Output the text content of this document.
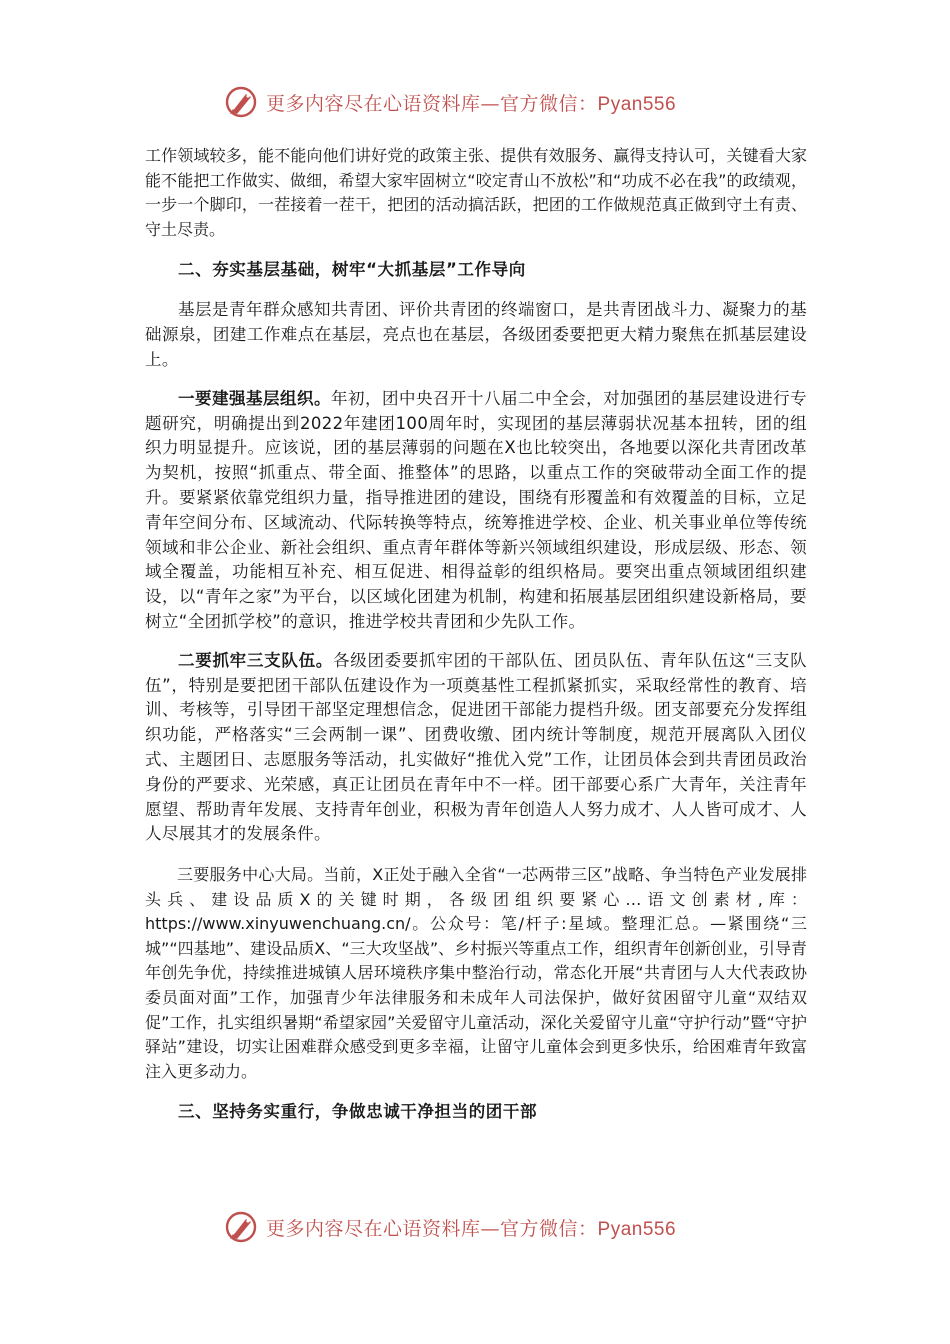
更多内容尽在心语资料库—官方微信：Pyan556

工作领域较多，能不能向他们讲好党的政策主张、提供有效服务、赢得支持认可，关键看大家能不能把工作做实、做细，希望大家牢固树立“咬定青山不放松”和“功成不必在我”的政绩观，一步一个脚印，一茬接着一茬干，把团的活动搞活跃，把团的工作做规范真正做到守土有责、守土尽责。

二、夯实基层基础，树牢“大抓基层”工作导向

基层是青年群众感知共青团、评价共青团的终端窗口，是共青团战斗力、凝聚力的基础源泉，团建工作难点在基层，亮点也在基层，各级团委要把更大精力聚焦在抓基层建设上。

一要建强基层组织。年初，团中央召开十八届二中全会，对加强团的基层建设进行专题研究，明确提出到2022年建团100周年时，实现团的基层薄弱状况基本扭转，团的组织力明显提升。应该说，团的基层薄弱的问题在X也比较突出，各地要以深化共青团改革为契机，按照“抓重点、带全面、推整体”的思路，以重点工作的突破带动全面工作的提升。要紧紧依靠党组织力量，指导推进团的建设，围绕有形覆盖和有效覆盖的目标，立足青年空间分布、区域流动、代际转换等特点，统筹推进学校、企业、机关事业单位等传统领域和非公企业、新社会组织、重点青年群体等新兴领域组织建设，形成层级、形态、领域全覆盖，功能相互补充、相互促进、相得益彰的组织格局。要突出重点领域团组织建设，以“青年之家”为平台，以区域化团建为机制，构建和拓展基层团组织建设新格局，要树立“全团抓学校”的意识，推进学校共青团和少先队工作。

二要抓牢三支队伍。各级团委要抓牢团的干部队伍、团员队伍、青年队伍这“三支队伍”，特别是要把团干部队伍建设作为一项奠基性工程抓紧抓实，采取经常性的教育、培训、考核等，引导团干部坚定理想信念，促进团干部能力提档升级。团支部要充分发挥组织功能，严格落实“三会两制一课”、团费收缴、团内统计等制度，规范开展离队入团仪式、主题团日、志愿服务等活动，扎实做好“推优入党”工作，让团员体会到共青团员政治身份的严要求、光荣感，真正让团员在青年中不一样。团干部要心系广大青年，关注青年愿望、帮助青年发展、支持青年创业，积极为青年创造人人努力成才、人人皆可成才、人人尽展其才的发展条件。

三要服务中心大局。当前，X正处于融入全省“一芯两带三区”战略、争当特色产业发展排头兵、建设品质X的关键时期，各级团组织要紧心…语文创素材,库：https://www.xinyuwenchuang.cn/。公众号：笔/杆子:星域。整理汇总。—紧围绕“三城”“四基地”、建设品质X、“三大攻坚战”、乡村振兴等重点工作，组织青年创新创业，引导青年创先争优，持续推进城镇人居环境秩序集中整治行动，常态化开展“共青团与人大代表政协委员面对面”工作，加强青少年法律服务和未成年人司法保护，做好贫困留守儿童“双结双促”工作，扎实组织暑期“希望家园”关爱留守儿童活动，深化关爱留守儿童“守护行动”暨“守护驿站”建设，切实让困难群众感受到更多幸福，让留守儿童体会到更多快乐，给困难青年致富注入更多动力。

三、坚持务实重行，争做忠诚干净担当的团干部

更多内容尽在心语资料库—官方微信：Pyan556
